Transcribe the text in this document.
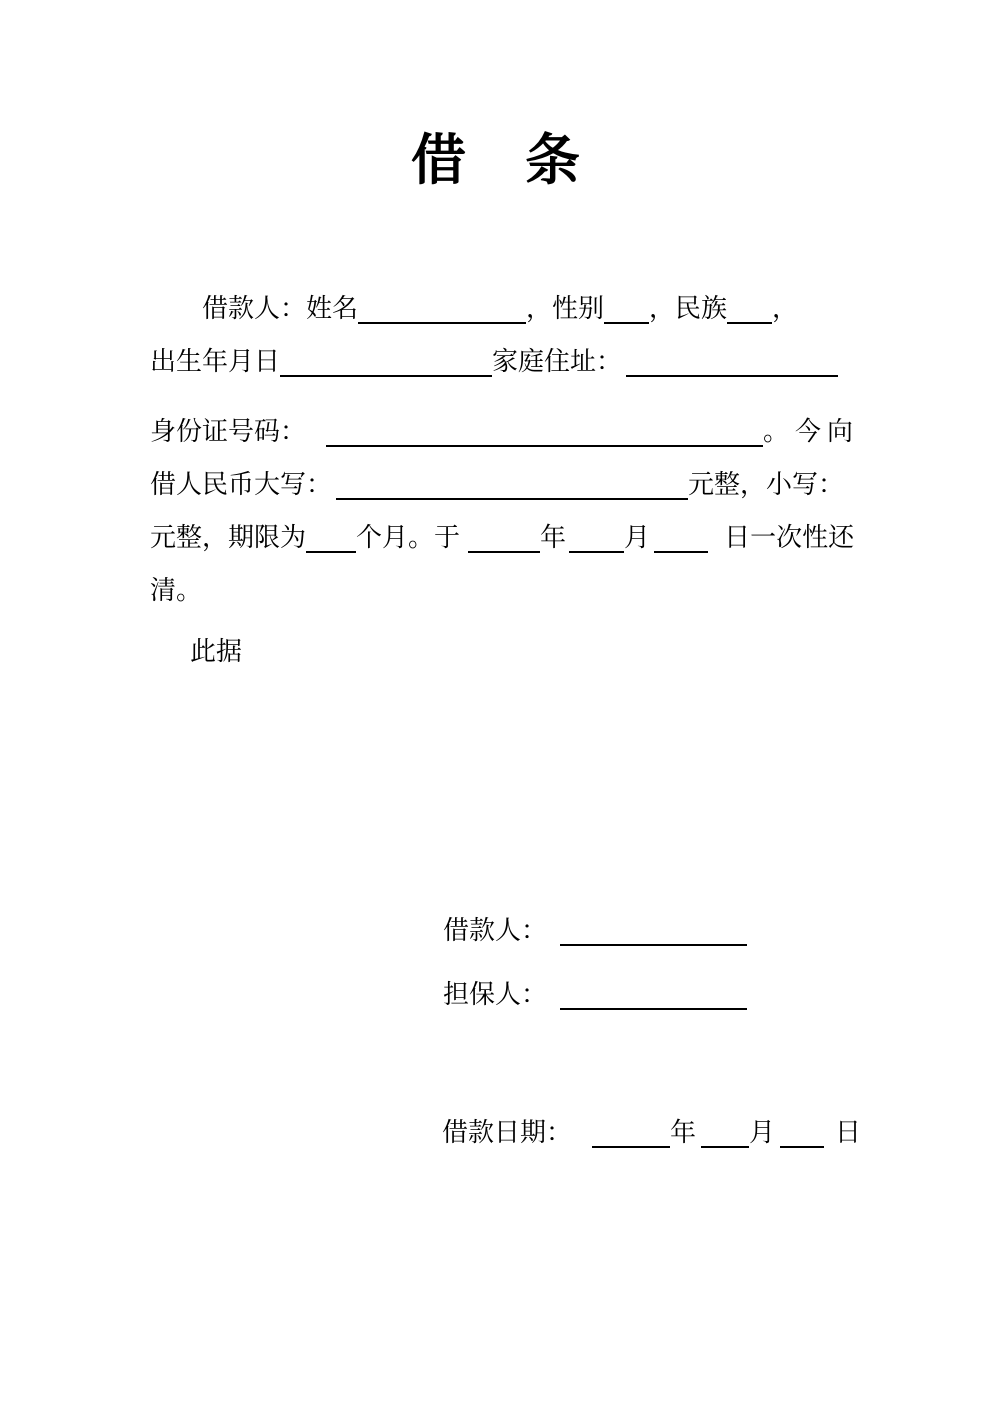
借　条
借款人：姓名	，性别 ，民族 ，
出生年月日	家庭住址：
身份证号码：	。今向
借人民币大写：	元整，小写：
元整，期限为 个月。于	年 月	日一次性还
清。
此据
借款人：
担保人：
借款日期：	年 月 日
